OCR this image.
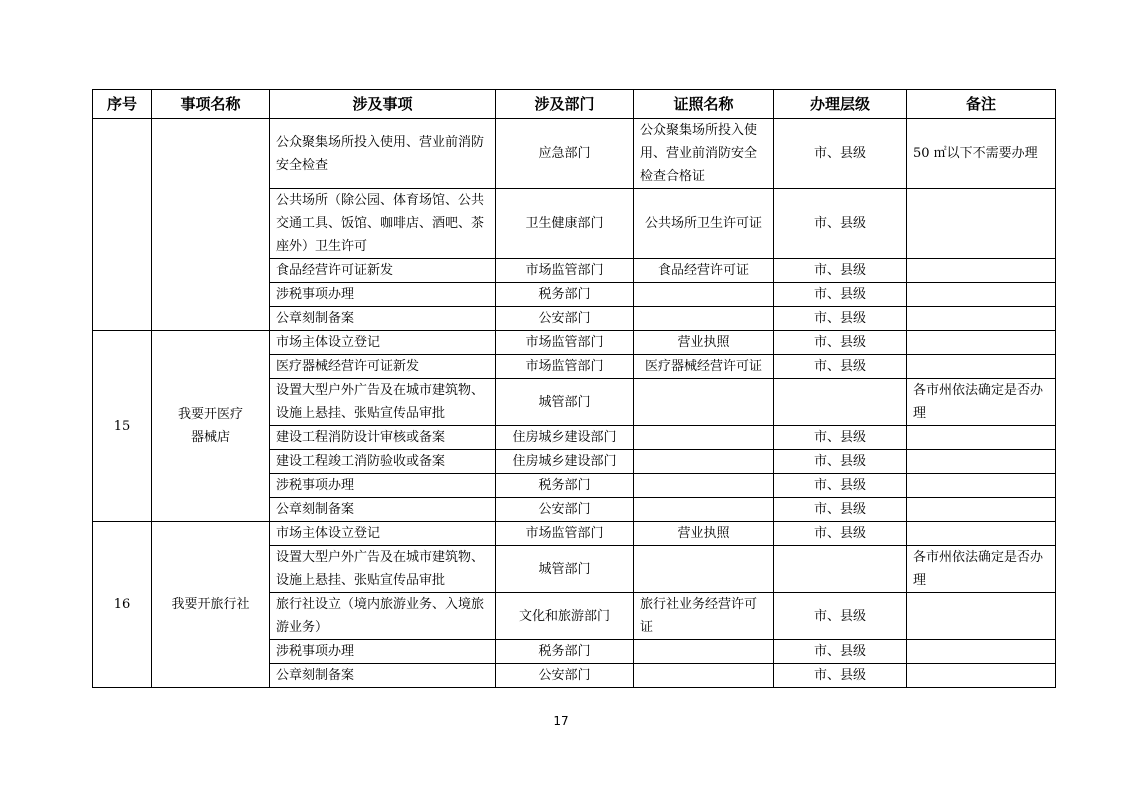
序号	事项名称	涉及事项	涉及部门	证照名称	办理层级	备注
		公众聚集场所投入使用、营业前消防安全检查	应急部门	公众聚集场所投入使用、营业前消防安全检查合格证	市、县级	50 ㎡以下不需要办理
		公共场所（除公园、体育场馆、公共交通工具、饭馆、咖啡店、酒吧、茶座外）卫生许可	卫生健康部门	公共场所卫生许可证	市、县级	
		食品经营许可证新发	市场监管部门	食品经营许可证	市、县级	
		涉税事项办理	税务部门		市、县级	
		公章刻制备案	公安部门		市、县级	
15	我要开医疗器械店	市场主体设立登记	市场监管部门	营业执照	市、县级	
		医疗器械经营许可证新发	市场监管部门	医疗器械经营许可证	市、县级	
		设置大型户外广告及在城市建筑物、设施上悬挂、张贴宣传品审批	城管部门			各市州依法确定是否办理
		建设工程消防设计审核或备案	住房城乡建设部门		市、县级	
		建设工程竣工消防验收或备案	住房城乡建设部门		市、县级	
		涉税事项办理	税务部门		市、县级	
		公章刻制备案	公安部门		市、县级	
16	我要开旅行社	市场主体设立登记	市场监管部门	营业执照	市、县级	
		设置大型户外广告及在城市建筑物、设施上悬挂、张贴宣传品审批	城管部门			各市州依法确定是否办理
		旅行社设立（境内旅游业务、入境旅游业务）	文化和旅游部门	旅行社业务经营许可证	市、县级	
		涉税事项办理	税务部门		市、县级	
		公章刻制备案	公安部门		市、县级	
17
